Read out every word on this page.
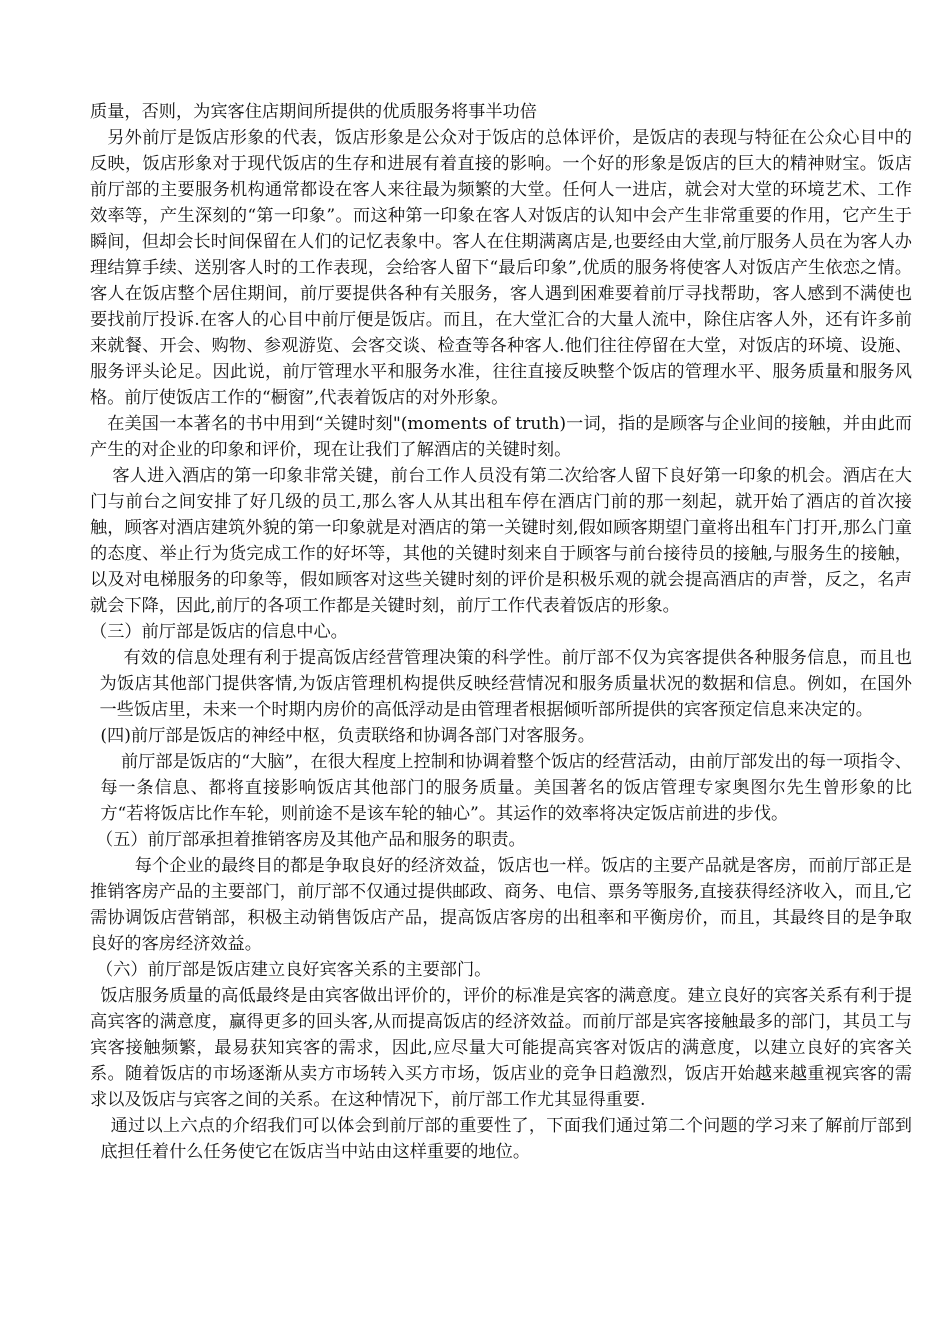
质量，否则，为宾客住店期间所提供的优质服务将事半功倍

另外前厅是饭店形象的代表，饭店形象是公众对于饭店的总体评价，是饭店的表现与特征在公众心目中的反映，饭店形象对于现代饭店的生存和进展有着直接的影响。一个好的形象是饭店的巨大的精神财宝。饭店前厅部的主要服务机构通常都设在客人来往最为频繁的大堂。任何人一进店，就会对大堂的环境艺术、工作效率等，产生深刻的“第一印象”。而这种第一印象在客人对饭店的认知中会产生非常重要的作用，它产生于瞬间，但却会长时间保留在人们的记忆表象中。客人在住期满离店是,也要经由大堂,前厅服务人员在为客人办理结算手续、送别客人时的工作表现，会给客人留下“最后印象”,优质的服务将使客人对饭店产生依恋之情。客人在饭店整个居住期间，前厅要提供各种有关服务，客人遇到困难要着前厅寻找帮助，客人感到不满使也要找前厅投诉.在客人的心目中前厅便是饭店。而且，在大堂汇合的大量人流中，除住店客人外，还有许多前来就餐、开会、购物、参观游览、会客交谈、检查等各种客人.他们往往停留在大堂，对饭店的环境、设施、服务评头论足。因此说，前厅管理水平和服务水准，往往直接反映整个饭店的管理水平、服务质量和服务风格。前厅使饭店工作的“橱窗”,代表着饭店的对外形象。

在美国一本著名的书中用到“关键时刻"(moments of truth)一词，指的是顾客与企业间的接触，并由此而产生的对企业的印象和评价，现在让我们了解酒店的关键时刻。

客人进入酒店的第一印象非常关键，前台工作人员没有第二次给客人留下良好第一印象的机会。酒店在大门与前台之间安排了好几级的员工,那么客人从其出租车停在酒店门前的那一刻起，就开始了酒店的首次接触，顾客对酒店建筑外貌的第一印象就是对酒店的第一关键时刻,假如顾客期望门童将出租车门打开,那么门童的态度、举止行为货完成工作的好坏等，其他的关键时刻来自于顾客与前台接待员的接触,与服务生的接触，以及对电梯服务的印象等，假如顾客对这些关键时刻的评价是积极乐观的就会提高酒店的声誉，反之，名声就会下降，因此,前厅的各项工作都是关键时刻，前厅工作代表着饭店的形象。

（三）前厅部是饭店的信息中心。

有效的信息处理有利于提高饭店经营管理决策的科学性。前厅部不仅为宾客提供各种服务信息，而且也为饭店其他部门提供客情,为饭店管理机构提供反映经营情况和服务质量状况的数据和信息。例如，在国外一些饭店里，未来一个时期内房价的高低浮动是由管理者根据倾听部所提供的宾客预定信息来决定的。

(四)前厅部是饭店的神经中枢，负责联络和协调各部门对客服务。

前厅部是饭店的“大脑”，在很大程度上控制和协调着整个饭店的经营活动，由前厅部发出的每一项指令、每一条信息、都将直接影响饭店其他部门的服务质量。美国著名的饭店管理专家奥图尔先生曾形象的比方“若将饭店比作车轮，则前途不是该车轮的轴心”。其运作的效率将决定饭店前进的步伐。

（五）前厅部承担着推销客房及其他产品和服务的职责。

每个企业的最终目的都是争取良好的经济效益，饭店也一样。饭店的主要产品就是客房，而前厅部正是推销客房产品的主要部门，前厅部不仅通过提供邮政、商务、电信、票务等服务,直接获得经济收入，而且,它需协调饭店营销部，积极主动销售饭店产品，提高饭店客房的出租率和平衡房价，而且，其最终目的是争取良好的客房经济效益。

（六）前厅部是饭店建立良好宾客关系的主要部门。

饭店服务质量的高低最终是由宾客做出评价的，评价的标准是宾客的满意度。建立良好的宾客关系有利于提高宾客的满意度，赢得更多的回头客,从而提高饭店的经济效益。而前厅部是宾客接触最多的部门，其员工与宾客接触频繁，最易获知宾客的需求，因此,应尽量大可能提高宾客对饭店的满意度，以建立良好的宾客关系。随着饭店的市场逐渐从卖方市场转入买方市场，饭店业的竞争日趋激烈，饭店开始越来越重视宾客的需求以及饭店与宾客之间的关系。在这种情况下，前厅部工作尤其显得重要.

通过以上六点的介绍我们可以体会到前厅部的重要性了，下面我们通过第二个问题的学习来了解前厅部到底担任着什么任务使它在饭店当中站由这样重要的地位。
